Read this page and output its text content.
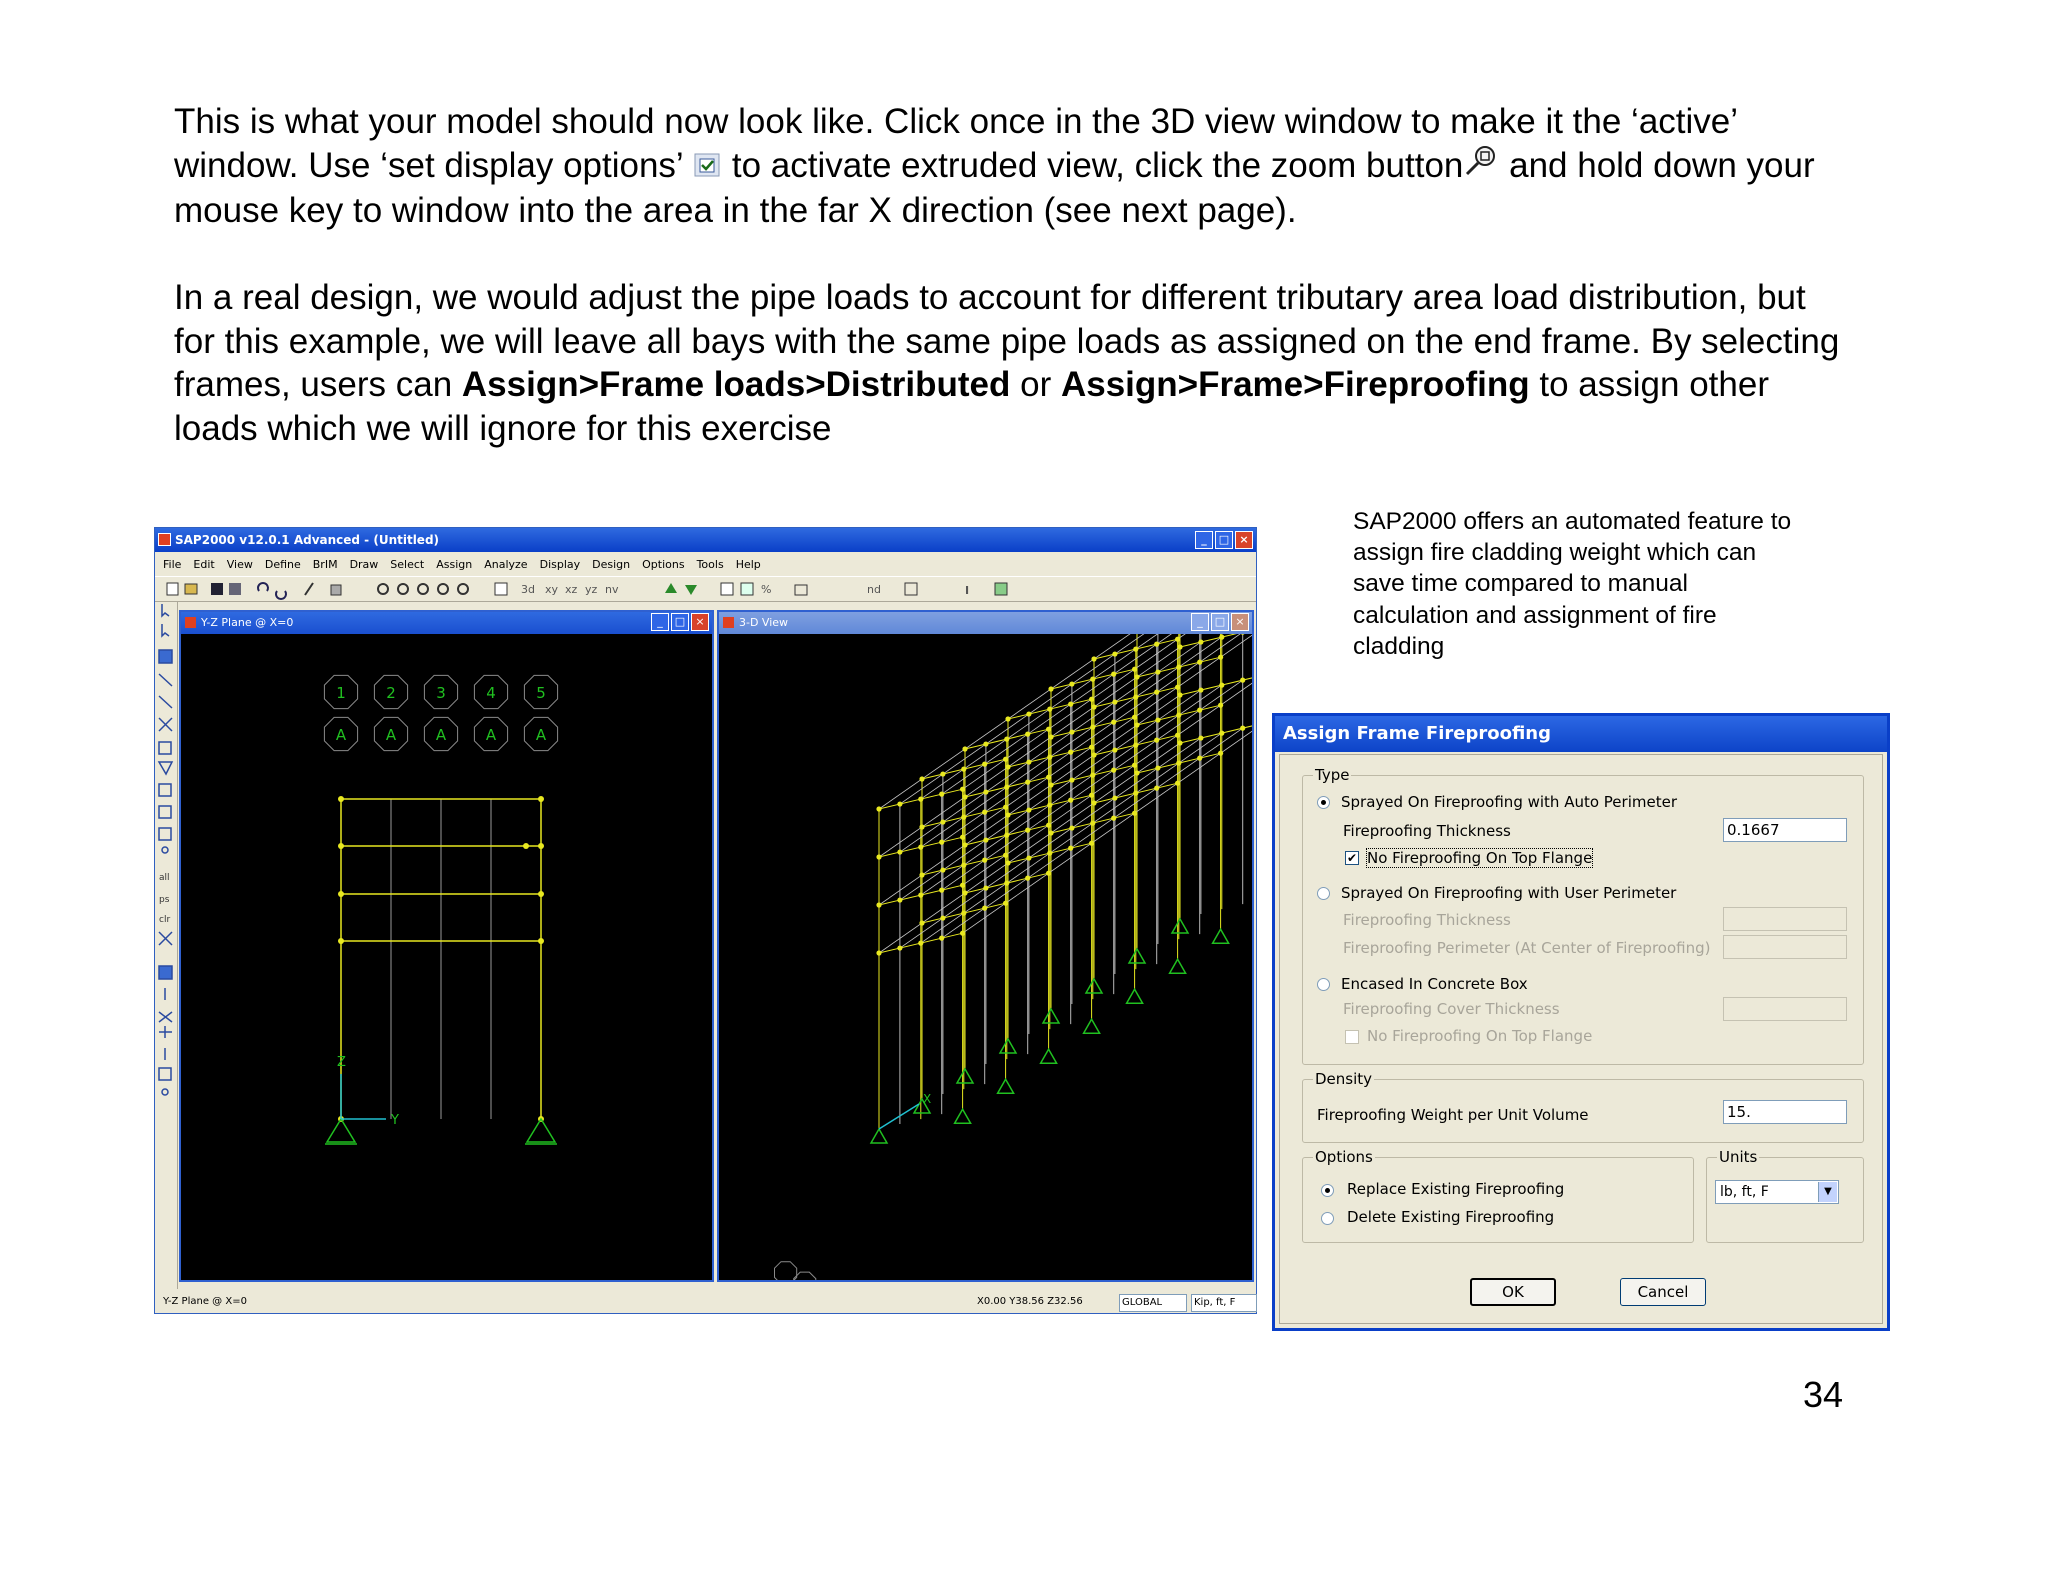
This is what your model should now look like. Click once in the 3D view window to make it the ‘active’
window. Use ‘set display options’ to activate extruded view, click the zoom button and hold down your
mouse key to window into the area in the far X direction (see next page).
In a real design, we would adjust the pipe loads to account for different tributary area load distribution, but
for this example, we will leave all bays with the same pipe loads as assigned on the end frame. By selecting
frames, users can Assign>Frame loads>Distributed or Assign>Frame>Fireproofing to assign other
loads which we will ignore for this exercise
SAP2000 offers an automated feature to assign fire cladding weight which can save time compared to manual calculation and assignment of fire cladding
SAP2000 v12.0.1 Advanced - (Untitled)	_	□ ×
File Edit View Define BrIM Draw Select Assign Analyze Display Design Options Tools Help
3d xy xz yz nv	%	nd	I
all
ps
clr
Y-Z Plane @ X=0	_	□ ×
1
A
2
A
3
A
4
A
5
A
Z
Y
3-D View	_	□ ×
X
Y-Z Plane @ X=0	X0.00 Y38.56 Z32.56	GLOBAL	Kip, ft, F
Assign Frame Fireproofing
Type
Sprayed On Fireproofing with Auto Perimeter
Fireproofing Thickness	0.1667
✔ No Fireproofing On Top Flange
Sprayed On Fireproofing with User Perimeter
Fireproofing Thickness
Fireproofing Perimeter (At Center of Fireproofing)
Encased In Concrete Box
Fireproofing Cover Thickness
No Fireproofing On Top Flange
Density
Fireproofing Weight per Unit Volume	15.
Options
Replace Existing Fireproofing
Delete Existing Fireproofing
Units
lb, ft, F	▼
OK	Cancel
34
